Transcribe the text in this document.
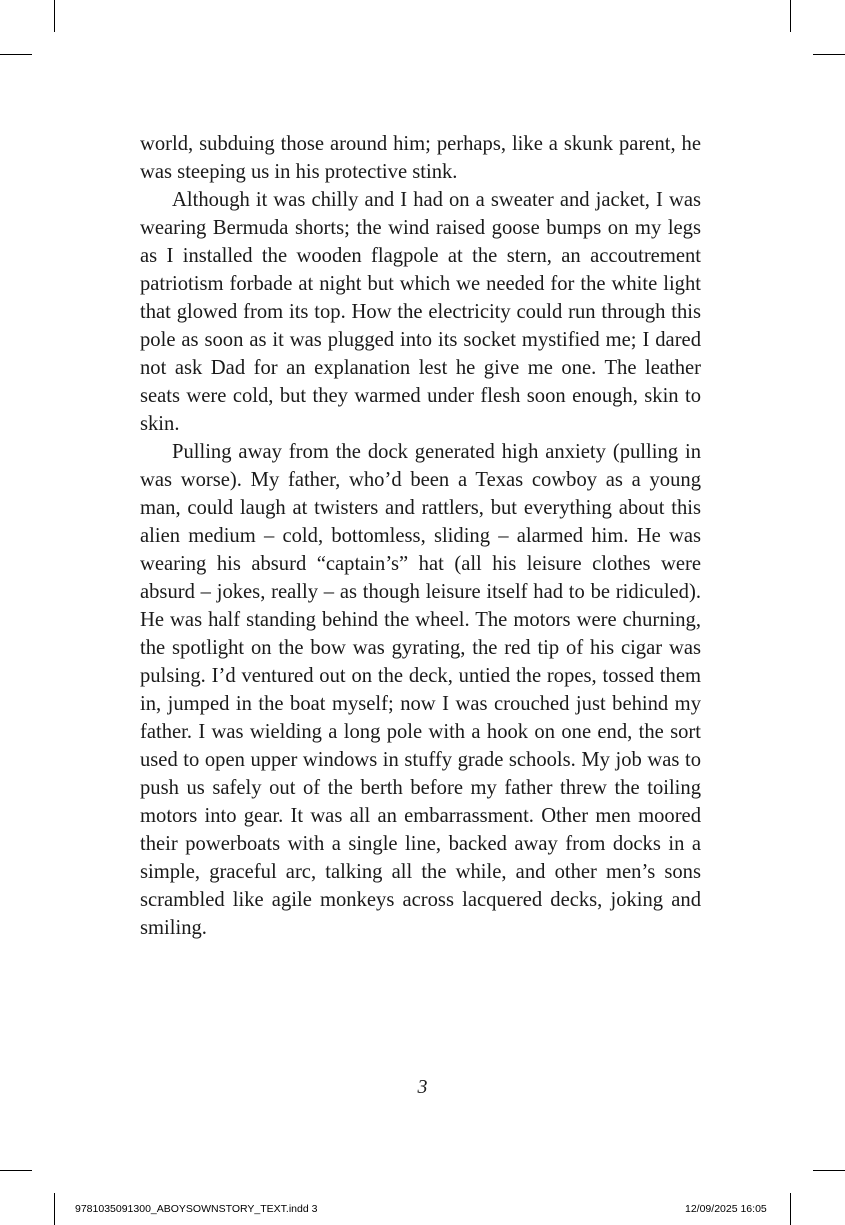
world, subduing those around him; perhaps, like a skunk parent, he was steeping us in his protective stink.

Although it was chilly and I had on a sweater and jacket, I was wearing Bermuda shorts; the wind raised goose bumps on my legs as I installed the wooden flagpole at the stern, an accoutrement patriotism forbade at night but which we needed for the white light that glowed from its top. How the electricity could run through this pole as soon as it was plugged into its socket mystified me; I dared not ask Dad for an explanation lest he give me one. The leather seats were cold, but they warmed under flesh soon enough, skin to skin.

Pulling away from the dock generated high anxiety (pulling in was worse). My father, who’d been a Texas cowboy as a young man, could laugh at twisters and rattlers, but everything about this alien medium – cold, bottomless, sliding – alarmed him. He was wearing his absurd “captain’s” hat (all his leisure clothes were absurd – jokes, really – as though leisure itself had to be ridiculed). He was half standing behind the wheel. The motors were churning, the spotlight on the bow was gyrating, the red tip of his cigar was pulsing. I’d ventured out on the deck, untied the ropes, tossed them in, jumped in the boat myself; now I was crouched just behind my father. I was wielding a long pole with a hook on one end, the sort used to open upper windows in stuffy grade schools. My job was to push us safely out of the berth before my father threw the toiling motors into gear. It was all an embarrassment. Other men moored their powerboats with a single line, backed away from docks in a simple, graceful arc, talking all the while, and other men’s sons scrambled like agile monkeys across lacquered decks, joking and smiling.

3
9781035091300_ABOYSOWNSTORY_TEXT.indd 3	12/09/2025 16:05
